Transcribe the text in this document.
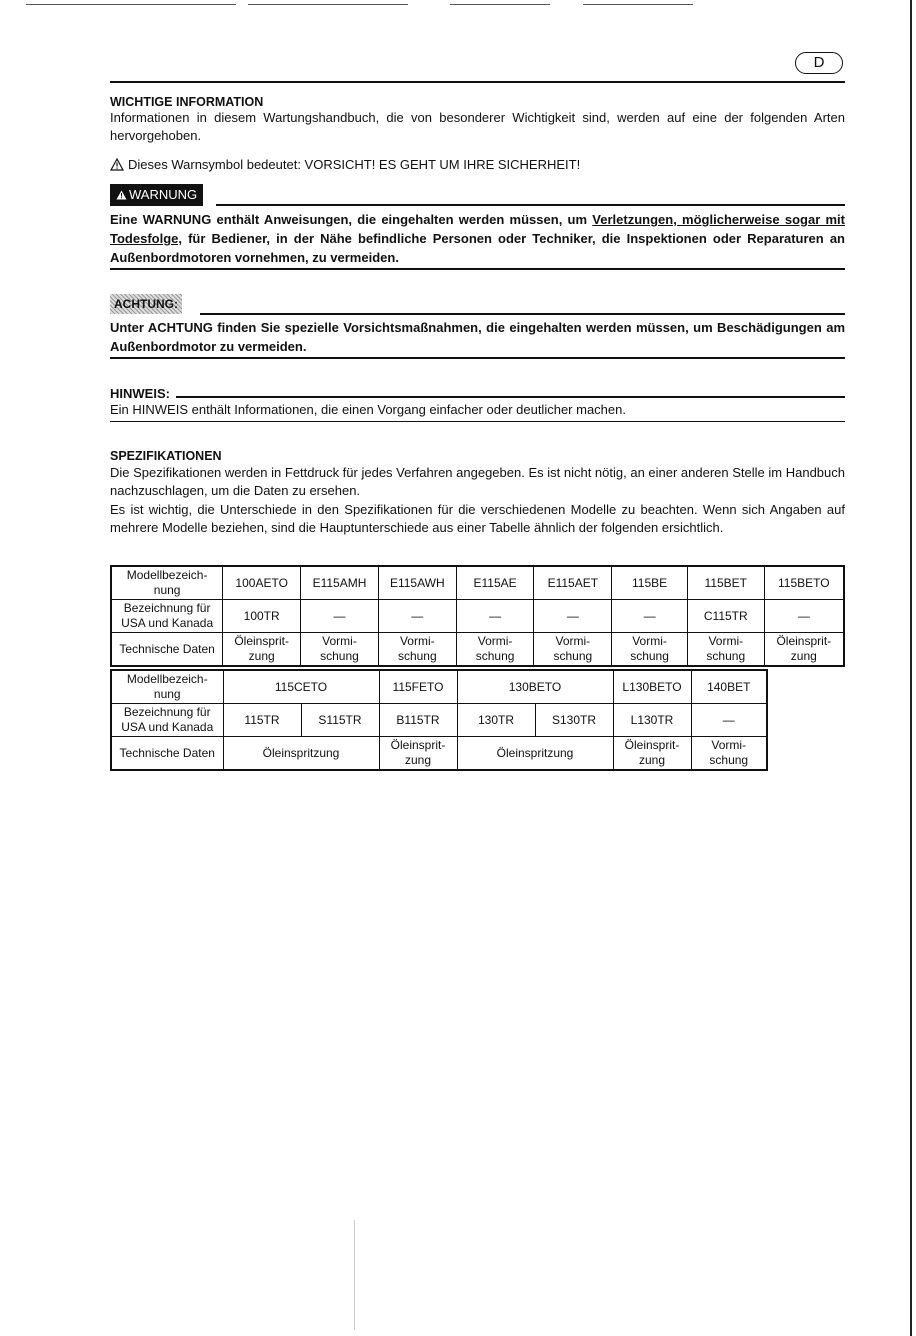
D
WICHTIGE INFORMATION
Informationen in diesem Wartungshandbuch, die von besonderer Wichtigkeit sind, werden auf eine der folgenden Arten hervorgehoben.
Dieses Warnsymbol bedeutet: VORSICHT! ES GEHT UM IHRE SICHERHEIT!
WARNUNG
Eine WARNUNG enthält Anweisungen, die eingehalten werden müssen, um Verletzungen, möglicherweise sogar mit Todesfolge, für Bediener, in der Nähe befindliche Personen oder Techniker, die Inspektionen oder Reparaturen an Außenbordmotoren vornehmen, zu vermeiden.
ACHTUNG:
Unter ACHTUNG finden Sie spezielle Vorsichtsmaßnahmen, die eingehalten werden müssen, um Beschädigungen am Außenbordmotor zu vermeiden.
HINWEIS:
Ein HINWEIS enthält Informationen, die einen Vorgang einfacher oder deutlicher machen.
SPEZIFIKATIONEN
Die Spezifikationen werden in Fettdruck für jedes Verfahren angegeben. Es ist nicht nötig, an einer anderen Stelle im Handbuch nachzuschlagen, um die Daten zu ersehen.
Es ist wichtig, die Unterschiede in den Spezifikationen für die verschiedenen Modelle zu beachten. Wenn sich Angaben auf mehrere Modelle beziehen, sind die Hauptunterschiede aus einer Tabelle ähnlich der folgenden ersichtlich.
Modellbezeich-nung	100AETO	E115AMH	E115AWH	E115AE	E115AET	115BE	115BET	115BETO
Bezeichnung für USA und Kanada	100TR	—	—	—	—	—	C115TR	—
Technische Daten	Öleinsprit-zung	Vormi-schung	Vormi-schung	Vormi-schung	Vormi-schung	Vormi-schung	Vormi-schung	Öleinsprit-zung
Modellbezeich-nung	115CETO		115FETO	130BETO		L130BETO	140BET
Bezeichnung für USA und Kanada	115TR	S115TR	B115TR	130TR	S130TR	L130TR	—
Technische Daten	Öleinspritzung		Öleinsprit-zung	Öleinspritzung		Öleinsprit-zung	Vormi-schung
